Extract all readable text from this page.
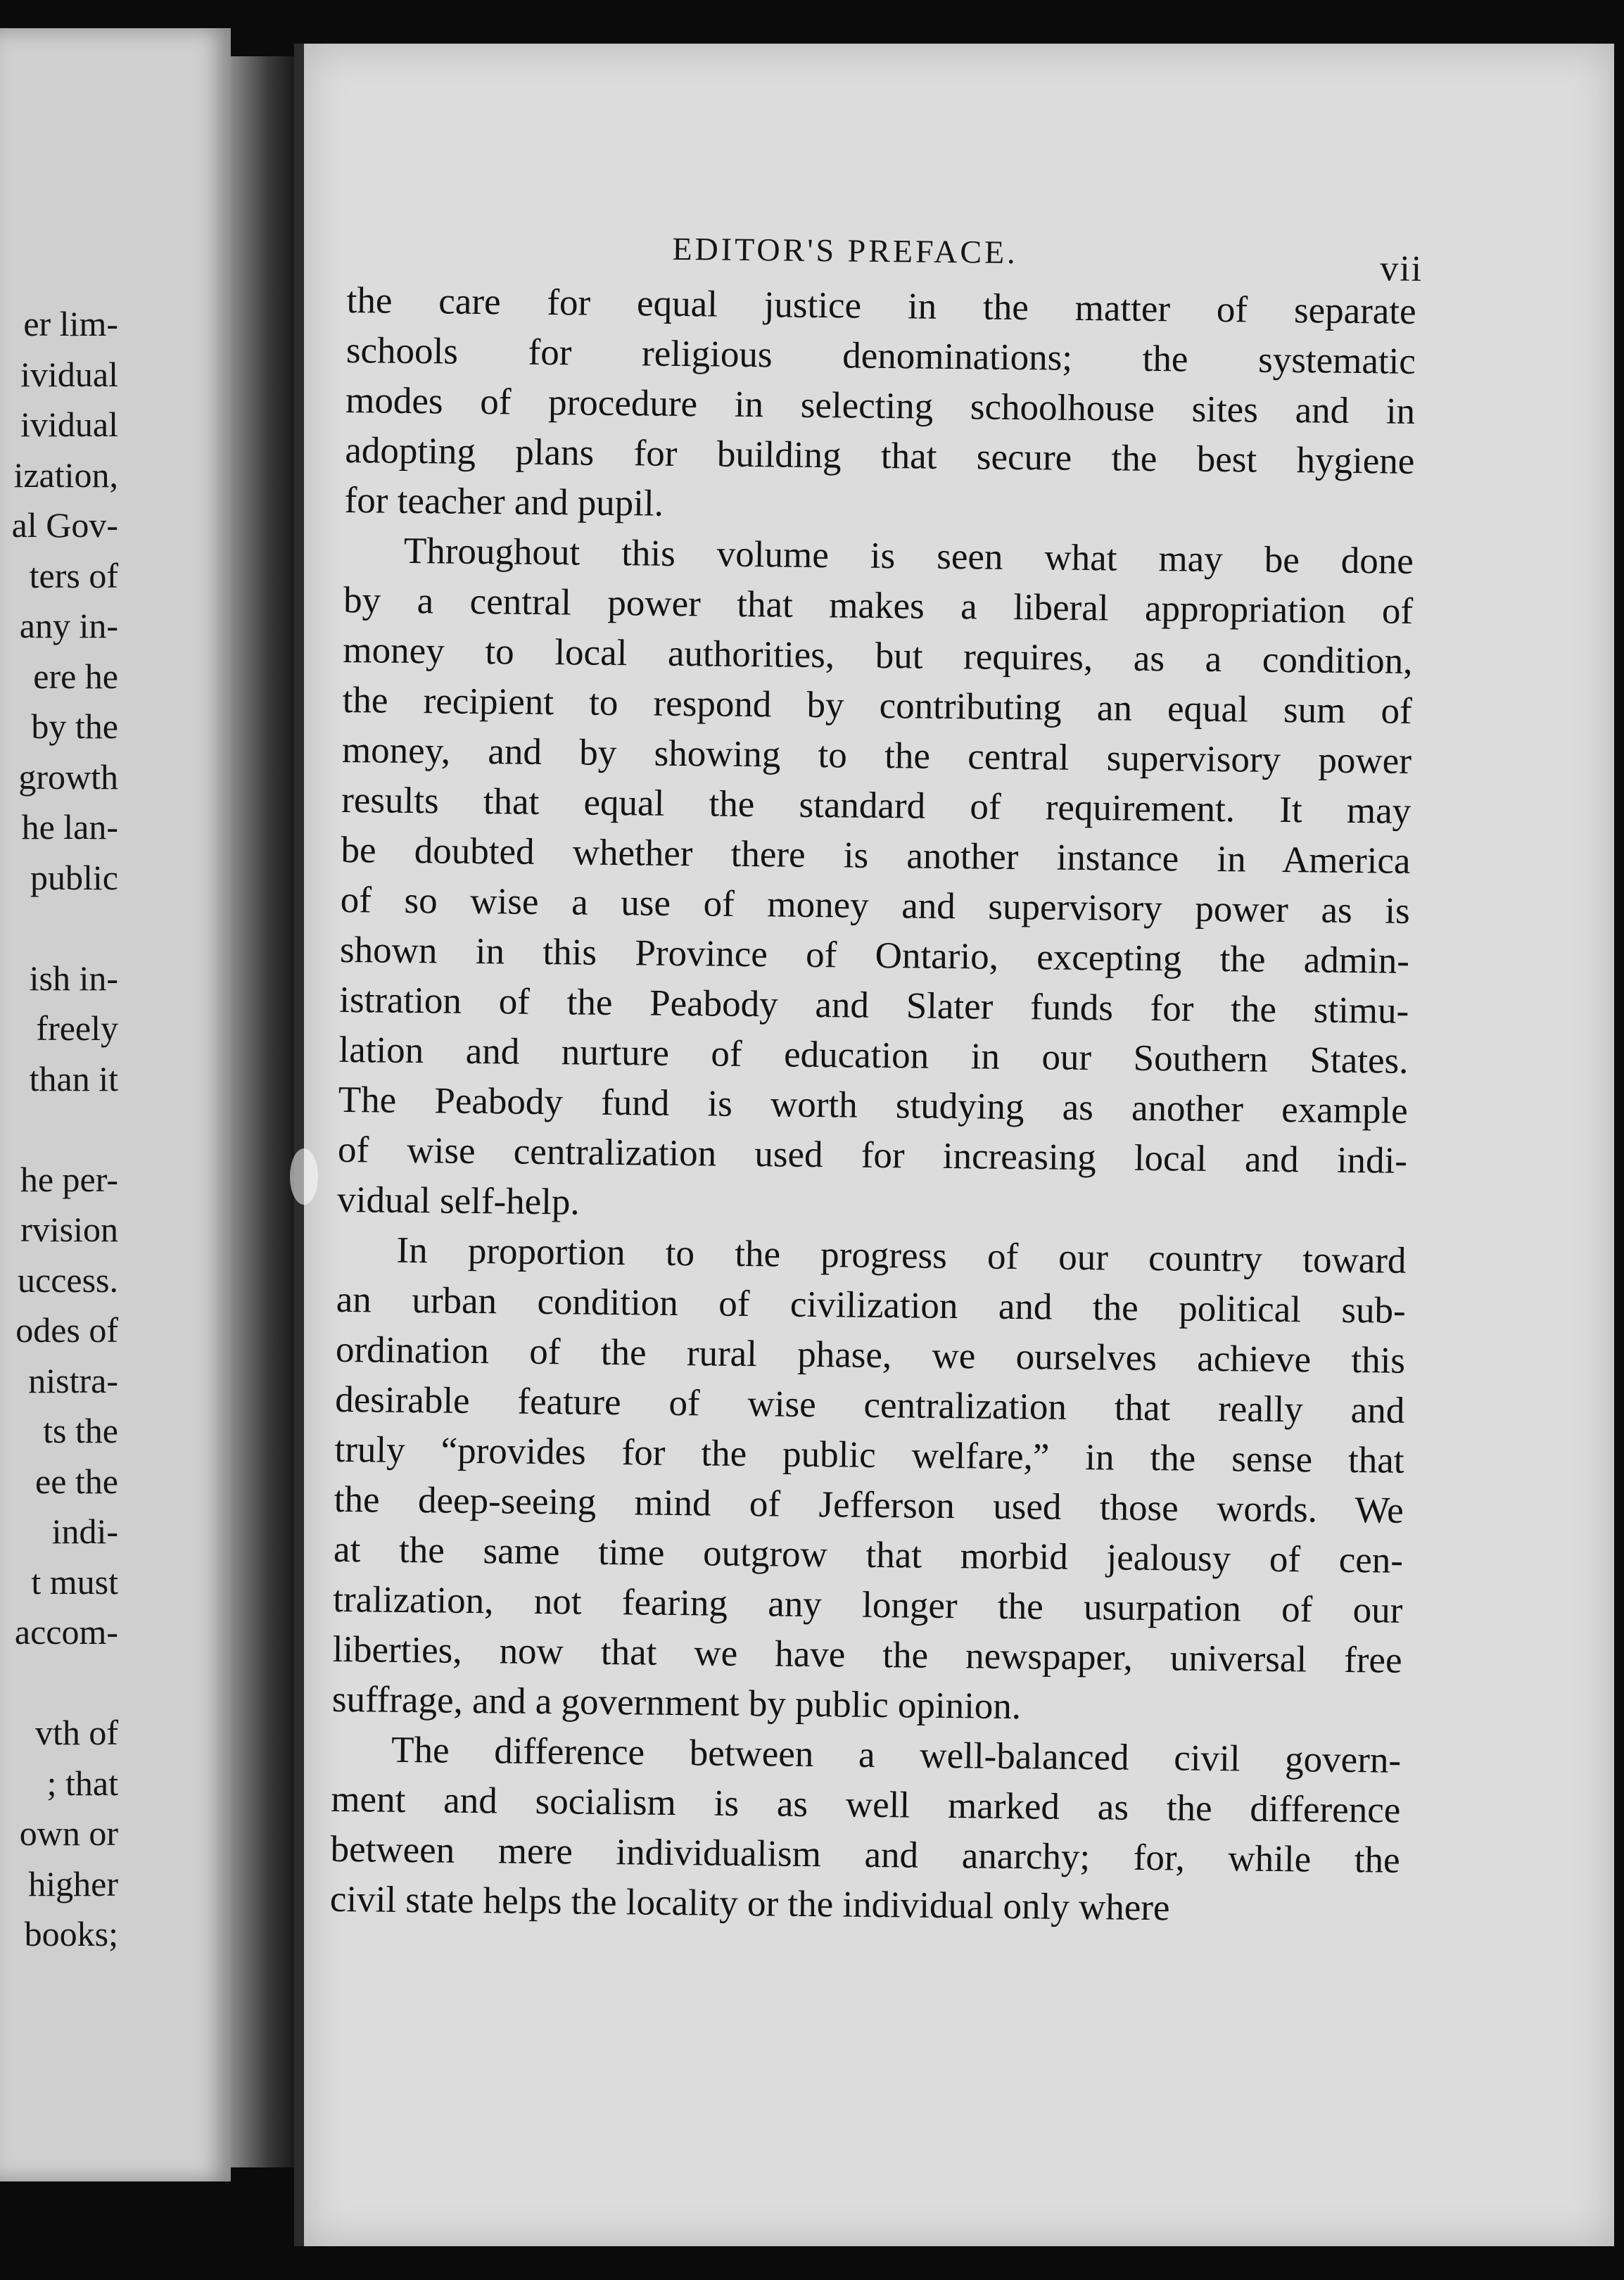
er lim-
ividual
ividual
ization,
al Gov-
ters of
any in-
ere he
by the
growth
he lan-
public
ish in-
freely
than it
he per-
rvision
uccess.
odes of
nistra-
ts the
ee the
indi-
t must
accom-
vth of
; that
own or
higher
books;
EDITOR'S PREFACE.	vii
the care for equal justice in the matter of separate
schools for religious denominations; the systematic
modes of procedure in selecting schoolhouse sites and in
adopting plans for building that secure the best hygiene
for teacher and pupil.
Throughout this volume is seen what may be done
by a central power that makes a liberal appropriation of
money to local authorities, but requires, as a condition,
the recipient to respond by contributing an equal sum of
money, and by showing to the central supervisory power
results that equal the standard of requirement. It may
be doubted whether there is another instance in America
of so wise a use of money and supervisory power as is
shown in this Province of Ontario, excepting the admin-
istration of the Peabody and Slater funds for the stimu-
lation and nurture of education in our Southern States.
The Peabody fund is worth studying as another example
of wise centralization used for increasing local and indi-
vidual self-help.
In proportion to the progress of our country toward
an urban condition of civilization and the political sub-
ordination of the rural phase, we ourselves achieve this
desirable feature of wise centralization that really and
truly “provides for the public welfare,” in the sense that
the deep-seeing mind of Jefferson used those words. We
at the same time outgrow that morbid jealousy of cen-
tralization, not fearing any longer the usurpation of our
liberties, now that we have the newspaper, universal free
suffrage, and a government by public opinion.
The difference between a well-balanced civil govern-
ment and socialism is as well marked as the difference
between mere individualism and anarchy; for, while the
civil state helps the locality or the individual only where
